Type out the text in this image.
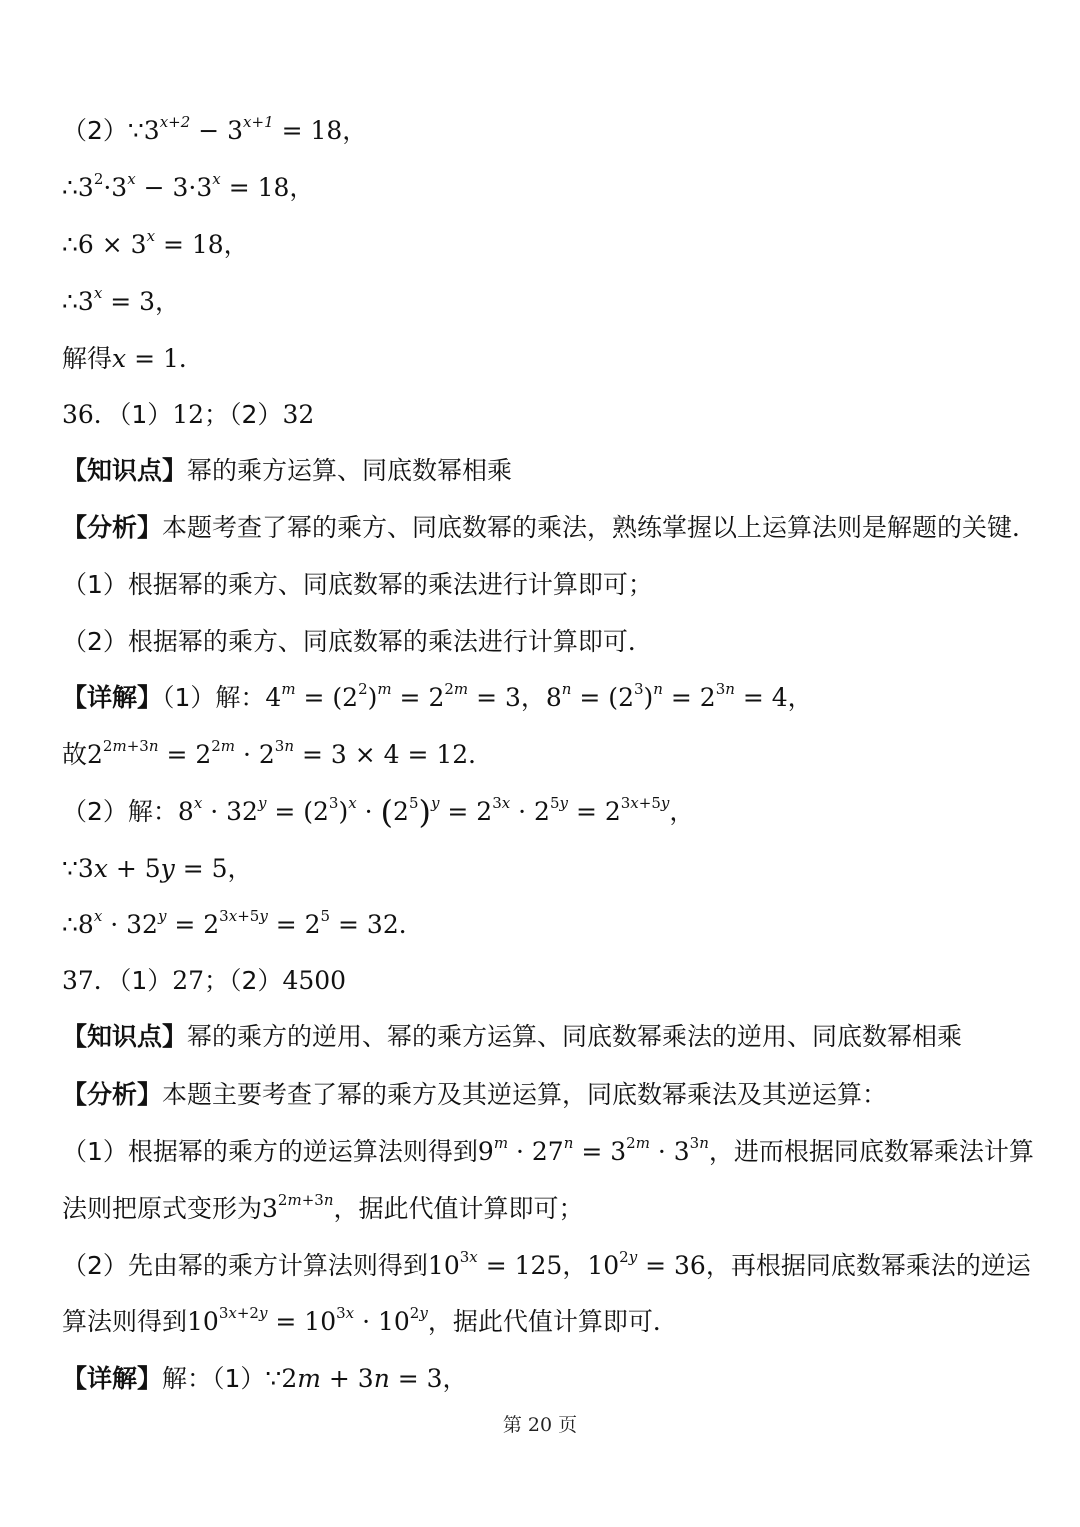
$(2)\because 3^{x+2} - 3^{x+1} = 18$，
$\therefore 3^2\cdot 3^x - 3\cdot 3^x = 18$，
∴6 × $3^x = 18$，
$\therefore 3^x = 3$，
解得x = 1．
36．（1）12；（2）32
【知识点】幂的乘方运算、同底数幂相乘
【分析】本题考查了幂的乘方、同底数幂的乘法，熟练掌握以上运算法则是解题的关键．
（1）根据幂的乘方、同底数幂的乘法进行计算即可；
（2）根据幂的乘方、同底数幂的乘法进行计算即可．
【详解】（1）解：$4^m = (2^2)^m = 2^{2m} = 3$，$8^n = (2^3)^n = 2^{3n} = 4$，
故$2^{2m+3n} = 2^{2m} \cdot 2^{3n} = 3 \times 4 = 12$．
（2）解：$8^x \cdot 32^y = (2^3)^x \cdot (2^5)^y = 2^{3x} \cdot 2^{5y} = 2^{3x+5y}$，
∵3x + 5y = 5，
$\therefore 8^x \cdot 32^y = 2^{3x+5y} = 2^5 = 32$．
37．（1）27；（2）4500
【知识点】幂的乘方的逆用、幂的乘方运算、同底数幂乘法的逆用、同底数幂相乘
【分析】本题主要考查了幂的乘方及其逆运算，同底数幂乘法及其逆运算：
（1）根据幂的乘方的逆运算法则得到$9^m \cdot 27^n = 3^{2m} \cdot 3^{3n}$，进而根据同底数幂乘法计算
法则把原式变形为$3^{2m+3n}$，据此代值计算即可；
（2）先由幂的乘方计算法则得到$10^{3x} = 125$，$10^{2y} = 36$，再根据同底数幂乘法的逆运
算法则得到$10^{3x+2y} = 10^{3x} \cdot 10^{2y}$，据此代值计算即可．
【详解】解：（1）∵2m + 3n = 3，
第 20 页
